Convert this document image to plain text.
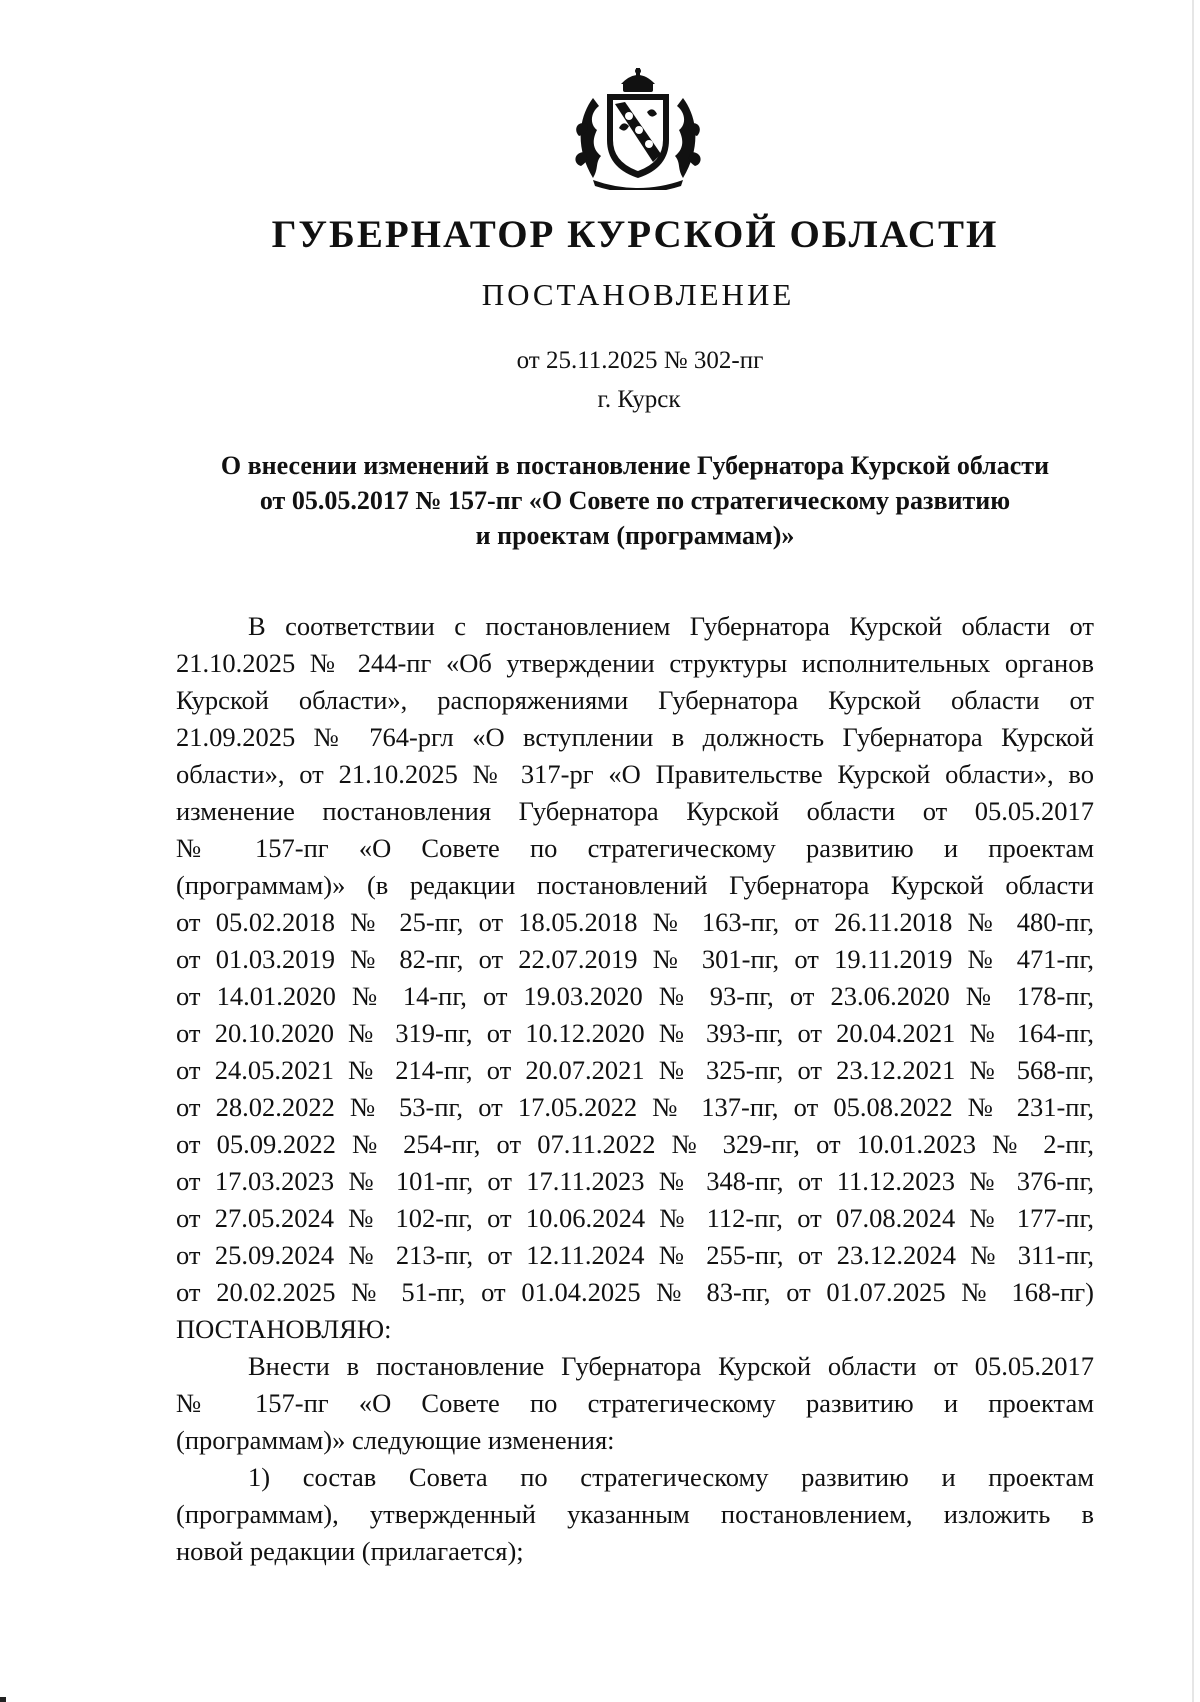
ГУБЕРНАТОР КУРСКОЙ ОБЛАСТИ
ПОСТАНОВЛЕНИЕ
от 25.11.2025 № 302-пг
г. Курск
О внесении изменений в постановление Губернатора Курской области
от 05.05.2017 № 157-пг «О Совете по стратегическому развитию
и проектам (программам)»
В соответствии с постановлением Губернатора Курской области от
21.10.2025 № 244-пг «Об утверждении структуры исполнительных органов
Курской области», распоряжениями Губернатора Курской области от
21.09.2025 № 764-ргл «О вступлении в должность Губернатора Курской
области», от 21.10.2025 № 317-рг «О Правительстве Курской области», во
изменение постановления Губернатора Курской области от 05.05.2017
№ 157-пг «О Совете по стратегическому развитию и проектам
(программам)» (в редакции постановлений Губернатора Курской области
от 05.02.2018 № 25-пг, от 18.05.2018 № 163-пг, от 26.11.2018 № 480-пг,
от 01.03.2019 № 82-пг, от 22.07.2019 № 301-пг, от 19.11.2019 № 471-пг,
от 14.01.2020 № 14-пг, от 19.03.2020 № 93-пг, от 23.06.2020 № 178-пг,
от 20.10.2020 № 319-пг, от 10.12.2020 № 393-пг, от 20.04.2021 № 164-пг,
от 24.05.2021 № 214-пг, от 20.07.2021 № 325-пг, от 23.12.2021 № 568-пг,
от 28.02.2022 № 53-пг, от 17.05.2022 № 137-пг, от 05.08.2022 № 231-пг,
от 05.09.2022 № 254-пг, от 07.11.2022 № 329-пг, от 10.01.2023 № 2-пг,
от 17.03.2023 № 101-пг, от 17.11.2023 № 348-пг, от 11.12.2023 № 376-пг,
от 27.05.2024 № 102-пг, от 10.06.2024 № 112-пг, от 07.08.2024 № 177-пг,
от 25.09.2024 № 213-пг, от 12.11.2024 № 255-пг, от 23.12.2024 № 311-пг,
от 20.02.2025 № 51-пг, от 01.04.2025 № 83-пг, от 01.07.2025 № 168-пг)
ПОСТАНОВЛЯЮ:
Внести в постановление Губернатора Курской области от 05.05.2017
№ 157-пг «О Совете по стратегическому развитию и проектам
(программам)» следующие изменения:
1) состав Совета по стратегическому развитию и проектам
(программам), утвержденный указанным постановлением, изложить в
новой редакции (прилагается);
